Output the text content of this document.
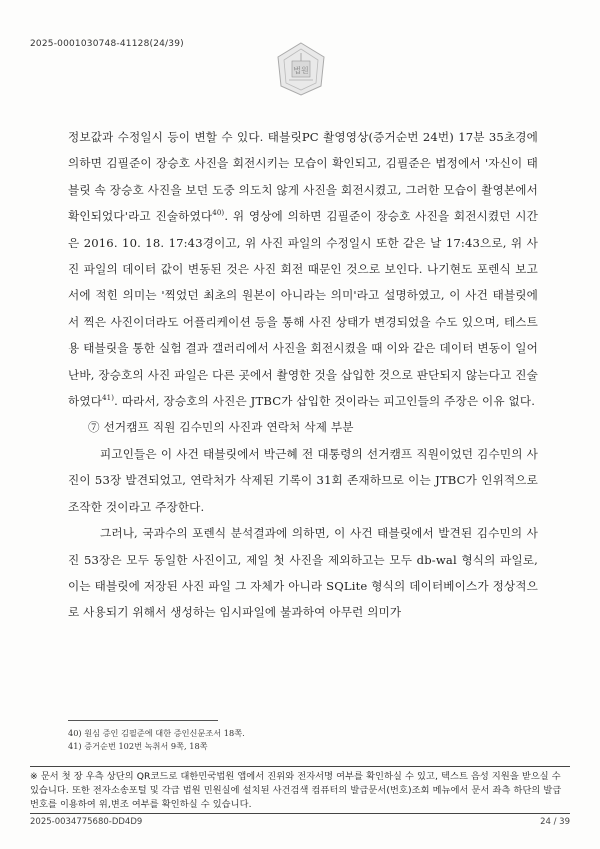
2025-0001030748-41128(24/39)
법원

정보값과 수정일시 등이 변할 수 있다. 태블릿PC 촬영영상(증거순번 24번) 17분 35초경에 의하면 김필준이 장승호 사진을 회전시키는 모습이 확인되고, 김필준은 법정에서 '자신이 태블릿 속 장승호 사진을 보던 도중 의도치 않게 사진을 회전시켰고, 그러한 모습이 촬영본에서 확인되었다'라고 진술하였다$^{40)}$. 위 영상에 의하면 김필준이 장승호 사진을 회전시켰던 시간은 2016. 10. 18. 17:43경이고, 위 사진 파일의 수정일시 또한 같은 날 17:43으로, 위 사진 파일의 데이터 값이 변동된 것은 사진 회전 때문인 것으로 보인다. 나기현도 포렌식 보고서에 적힌 의미는 '찍었던 최초의 원본이 아니라는 의미'라고 설명하였고, 이 사건 태블릿에서 찍은 사진이더라도 어플리케이션 등을 통해 사진 상태가 변경되었을 수도 있으며, 테스트용 태블릿을 통한 실험 결과 갤러리에서 사진을 회전시켰을 때 이와 같은 데이터 변동이 일어난바, 장승호의 사진 파일은 다른 곳에서 촬영한 것을 삽입한 것으로 판단되지 않는다고 진술하였다$^{41)}$. 따라서, 장승호의 사진은 JTBC가 삽입한 것이라는 피고인들의 주장은 이유 없다.

⑦ 선거캠프 직원 김수민의 사진과 연락처 삭제 부분

피고인들은 이 사건 태블릿에서 박근혜 전 대통령의 선거캠프 직원이었던 김수민의 사진이 53장 발견되었고, 연락처가 삭제된 기록이 31회 존재하므로 이는 JTBC가 인위적으로 조작한 것이라고 주장한다.

그러나, 국과수의 포렌식 분석결과에 의하면, 이 사건 태블릿에서 발견된 김수민의 사진 53장은 모두 동일한 사진이고, 제일 첫 사진을 제외하고는 모두 db-wal 형식의 파일로, 이는 태블릿에 저장된 사진 파일 그 자체가 아니라 SQLite 형식의 데이터베이스가 정상적으로 사용되기 위해서 생성하는 임시파일에 불과하여 아무런 의미가

40) 원심 증인 김필준에 대한 증인신문조서 18쪽.
41) 증거순번 102번 녹취서 9쪽, 18쪽
※ 문서 첫 장 우측 상단의 QR코드로 대한민국법원 앱에서 진위와 전자서명 여부를 확인하실 수 있고, 텍스트 음성 지원을 받으실 수 있습니다. 또한 전자소송포털 및 각급 법원 민원실에 설치된 사건검색 컴퓨터의 발급문서(번호)조회 메뉴에서 문서 좌측 하단의 발급번호를 이용하여 위,변조 여부를 확인하실 수 있습니다.
2025-0034775680-DD4D9	24 / 39
